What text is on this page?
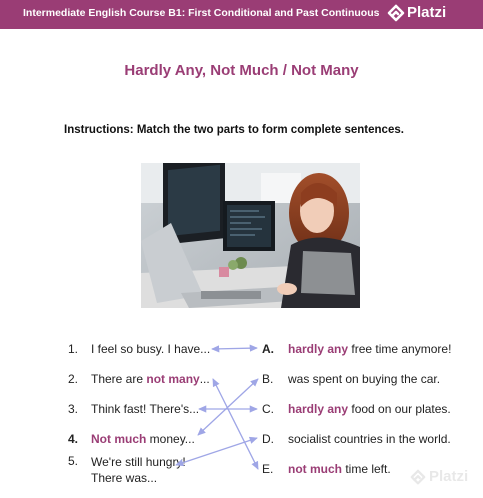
Intermediate English Course B1: First Conditional and Past Continuous Platzi
Hardly Any, Not Much / Not Many
Instructions: Match the two parts to form complete sentences.
1.
2.
3.
4.
5.
I feel so busy. I have...
There are not many...
Think fast! There's...
Not much money...
We're still hungry!
There was...
A.
B.
C.
D.
E.
hardly any free time anymore!
was spent on buying the car.
hardly any food on our plates.
socialist countries in the world.
not much time left.	Platzi
